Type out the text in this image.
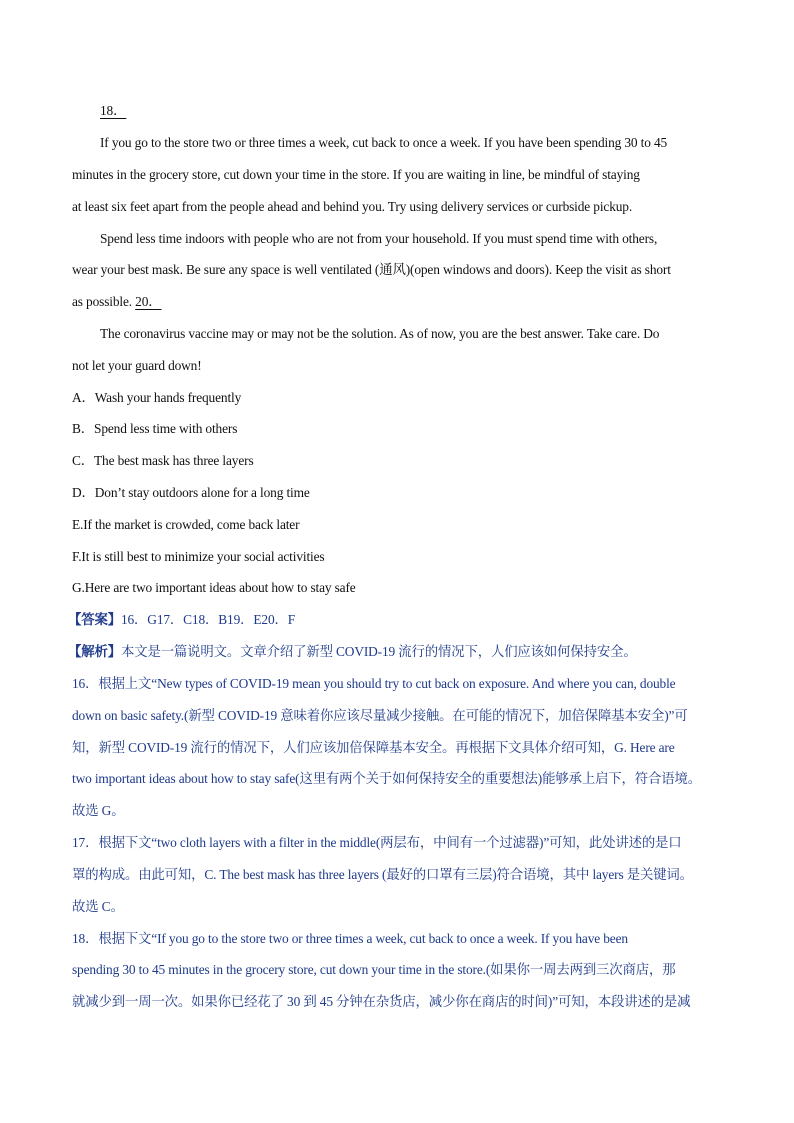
18．
If you go to the store two or three times a week, cut back to once a week. If you have been spending 30 to 45
minutes in the grocery store, cut down your time in the store. If you are waiting in line, be mindful of staying
at least six feet apart from the people ahead and behind you. Try using delivery services or curbside pickup.
Spend less time indoors with people who are not from your household. If you must spend time with others,
wear your best mask. Be sure any space is well ventilated (通风)(open windows and doors). Keep the visit as short
as possible. 20．
The coronavirus vaccine may or may not be the solution. As of now, you are the best answer. Take care. Do
not let your guard down!
A．Wash your hands frequently
B．Spend less time with others
C．The best mask has three layers
D．Don’t stay outdoors alone for a long time
E.If the market is crowded, come back later
F.It is still best to minimize your social activities
G.Here are two important ideas about how to stay safe
【答案】16．G17．C18．B19．E20．F
【解析】本文是一篇说明文。文章介绍了新型 COVID-19 流行的情况下，人们应该如何保持安全。
16．根据上文“New types of COVID-19 mean you should try to cut back on exposure. And where you can, double
down on basic safety.(新型 COVID-19 意味着你应该尽量减少接触。在可能的情况下，加倍保障基本安全)”可
知，新型 COVID-19 流行的情况下，人们应该加倍保障基本安全。再根据下文具体介绍可知，G. Here are
two important ideas about how to stay safe(这里有两个关于如何保持安全的重要想法)能够承上启下，符合语境。
故选 G。
17．根据下文“two cloth layers with a filter in the middle(两层布，中间有一个过滤器)”可知，此处讲述的是口
罩的构成。由此可知，C. The best mask has three layers (最好的口罩有三层)符合语境，其中 layers 是关键词。
故选 C。
18．根据下文“If you go to the store two or three times a week, cut back to once a week. If you have been
spending 30 to 45 minutes in the grocery store, cut down your time in the store.(如果你一周去两到三次商店，那
就减少到一周一次。如果你已经花了 30 到 45 分钟在杂货店，减少你在商店的时间)”可知，本段讲述的是减
